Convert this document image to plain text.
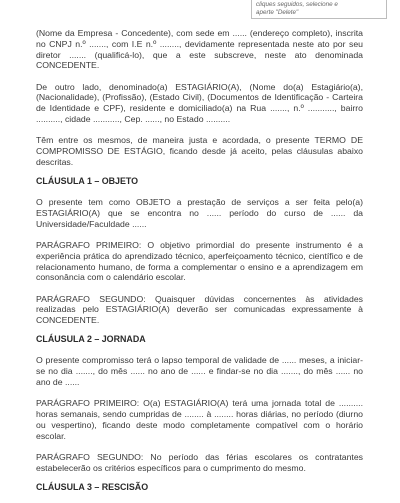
cliques seguidos, selecione e
aperte "Delete"

(Nome da Empresa - Concedente), com sede em ...... (endereço completo), inscrita no CNPJ n.º ......., com I.E n.º ........, devidamente representada neste ato por seu diretor ....... (qualificá-lo), que a este subscreve, neste ato denominada CONCEDENTE.

De outro lado, denominado(a) ESTAGIÁRIO(A), (Nome do(a) Estagiário(a), (Nacionalidade), (Profissão), (Estado Civil), (Documentos de Identificação - Carteira de Identidade e CPF), residente e domiciliado(a) na Rua ......., n.º ..........., bairro .........., cidade ..........., Cep. ......, no Estado ..........

Têm entre os mesmos, de maneira justa e acordada, o presente TERMO DE COMPROMISSO DE ESTÁGIO, ficando desde já aceito, pelas cláusulas abaixo descritas.

CLÁUSULA 1 – OBJETO

O presente tem como OBJETO a prestação de serviços a ser feita pelo(a) ESTAGIÁRIO(A) que se encontra no ...... período do curso de ...... da Universidade/Faculdade ......

PARÁGRAFO PRIMEIRO: O objetivo primordial do presente instrumento é a experiência prática do aprendizado técnico, aperfeiçoamento técnico, científico e de relacionamento humano, de forma a complementar o ensino e a aprendizagem em consonância com o calendário escolar.

PARÁGRAFO SEGUNDO: Quaisquer dúvidas concernentes às atividades realizadas pelo ESTAGIÁRIO(A) deverão ser comunicadas expressamente à CONCEDENTE.

CLÁUSULA 2 – JORNADA

O presente compromisso terá o lapso temporal de validade de ...... meses, a iniciar-se no dia ......., do mês ...... no ano de ...... e findar-se no dia ......., do mês ...... no ano de ......

PARÁGRAFO PRIMEIRO: O(a) ESTAGIÁRIO(A) terá uma jornada total de .......... horas semanais, sendo cumpridas de ........ à ........ horas diárias, no período (diurno ou vespertino), ficando deste modo completamente compatível com o horário escolar.

PARÁGRAFO SEGUNDO: No período das férias escolares os contratantes estabelecerão os critérios específicos para o cumprimento do mesmo.

CLÁUSULA 3 – RESCISÃO
